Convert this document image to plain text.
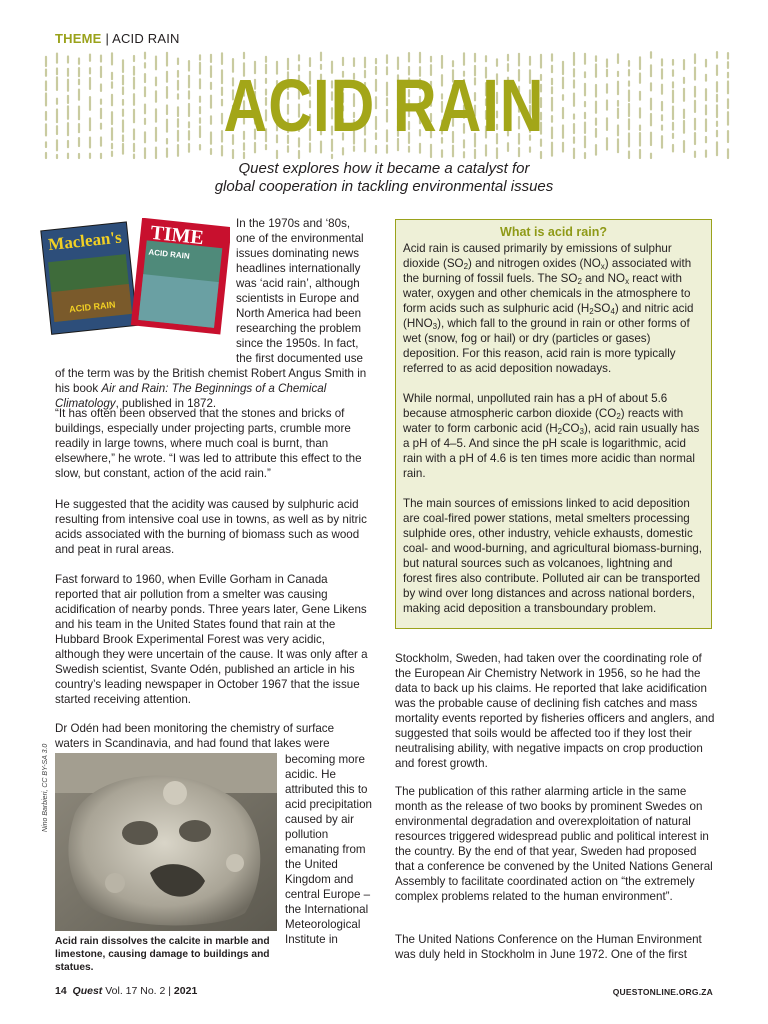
THEME | ACID RAIN
ACID RAIN
Quest explores how it became a catalyst for
global cooperation in tackling environmental issues
Maclean's
ACID RAIN
TIME
ACID RAIN

In the 1970s and ‘80s, one of the environmental issues dominating news headlines internationally was ‘acid rain’, although scientists in Europe and North America had been researching the problem since the 1950s. In fact, the first documented use of the term was by the British chemist Robert Angus Smith in his book Air and Rain: The Beginnings of a Chemical Climatology, published in 1872.

“It has often been observed that the stones and bricks of buildings, especially under projecting parts, crumble more readily in large towns, where much coal is burnt, than elsewhere,” he wrote. “I was led to attribute this effect to the slow, but constant, action of the acid rain.”

He suggested that the acidity was caused by sulphuric acid resulting from intensive coal use in towns, as well as by nitric acids associated with the burning of biomass such as wood and peat in rural areas.

Fast forward to 1960, when Eville Gorham in Canada reported that air pollution from a smelter was causing acidification of nearby ponds. Three years later, Gene Likens and his team in the United States found that rain at the Hubbard Brook Experimental Forest was very acidic, although they were uncertain of the cause. It was only after a Swedish scientist, Svante Odén, published an article in his country’s leading newspaper in October 1967 that the issue started receiving attention.

Dr Odén had been monitoring the chemistry of surface waters in Scandinavia, and had found that lakes were

Nino Barbieri, CC BY-SA 3.0
Acid rain dissolves the calcite in marble and limestone, causing damage to buildings and statues.

becoming more acidic. He attributed this to acid precipitation caused by air pollution emanating from the United Kingdom and central Europe – the International Meteorological Institute in

What is acid rain?

Acid rain is caused primarily by emissions of sulphur dioxide $(SO_2)$ and nitrogen oxides $(NO_x)$ associated with the burning of fossil fuels. The $SO_2$ and $NO_x$ react with water, oxygen and other chemicals in the atmosphere to form acids such as sulphuric acid $(H_2SO_4)$ and nitric acid $(HNO_3)$, which fall to the ground in rain or other forms of wet (snow, fog or hail) or dry (particles or gases) deposition. For this reason, acid rain is more typically referred to as acid deposition nowadays.

While normal, unpolluted rain has a pH of about 5.6 because atmospheric carbon dioxide $(CO_2)$ reacts with water to form carbonic acid $(H_2CO_3)$, acid rain usually has a pH of 4–5. And since the pH scale is logarithmic, acid rain with a pH of 4.6 is ten times more acidic than normal rain.

The main sources of emissions linked to acid deposition are coal-fired power stations, metal smelters processing sulphide ores, other industry, vehicle exhausts, domestic coal- and wood-burning, and agricultural biomass-burning, but natural sources such as volcanoes, lightning and forest fires also contribute. Polluted air can be transported by wind over long distances and across national borders, making acid deposition a transboundary problem.

Stockholm, Sweden, had taken over the coordinating role of the European Air Chemistry Network in 1956, so he had the data to back up his claims. He reported that lake acidification was the probable cause of declining fish catches and mass mortality events reported by fisheries officers and anglers, and suggested that soils would be affected too if they lost their neutralising ability, with negative impacts on crop production and forest growth.

The publication of this rather alarming article in the same month as the release of two books by prominent Swedes on environmental degradation and overexploitation of natural resources triggered widespread public and political interest in the country. By the end of that year, Sweden had proposed that a conference be convened by the United Nations General Assembly to facilitate coordinated action on “the extremely complex problems related to the human environment”.

The United Nations Conference on the Human Environment was duly held in Stockholm in June 1972. One of the first

14 Quest Vol. 17 No. 2 | 2021	QUESTONLINE.ORG.ZA
